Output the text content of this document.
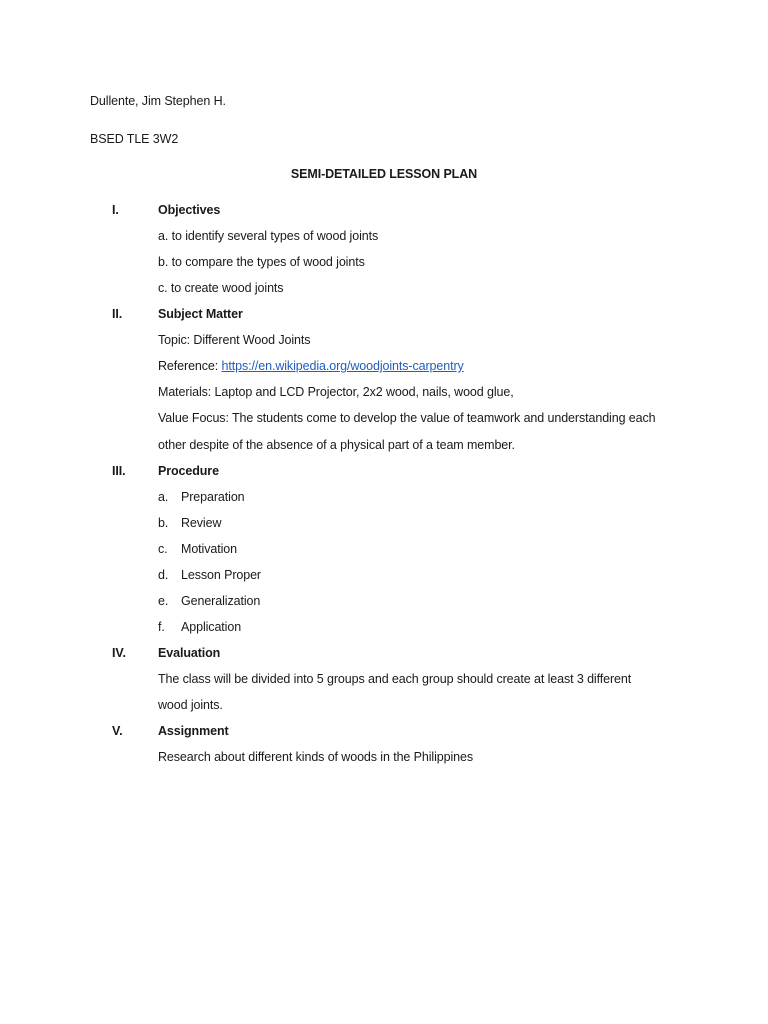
Dullente, Jim Stephen H.
BSED TLE 3W2
SEMI-DETAILED LESSON PLAN
I.	Objectives
a. to identify several types of wood joints
b. to compare the types of wood joints
c. to create wood joints
II.	Subject Matter
Topic: Different Wood Joints
Reference: https://en.wikipedia.org/woodjoints-carpentry
Materials: Laptop and LCD Projector, 2x2 wood, nails, wood glue,
Value Focus: The students come to develop the value of teamwork and understanding each
other despite of the absence of a physical part of a team member.
III.	Procedure
a. Preparation
b. Review
c. Motivation
d. Lesson Proper
e. Generalization
f. Application
IV.	Evaluation
The class will be divided into 5 groups and each group should create at least 3 different
wood joints.
V.	Assignment
Research about different kinds of woods in the Philippines
